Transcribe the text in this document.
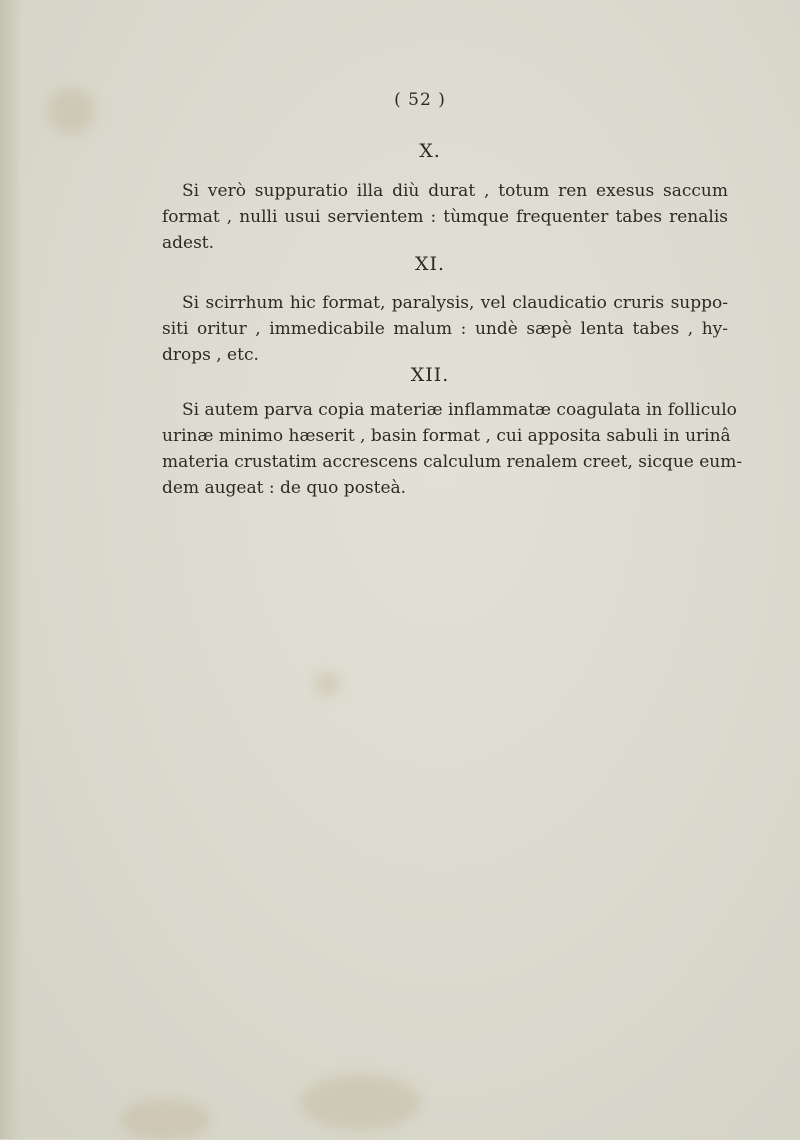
( 52 )
X.
Si verò suppuratio illa diù durat , totum ren exesus saccum
format , nulli usui servientem : tùmque frequenter tabes renalis
adest.
XI.
Si scirrhum hic format, paralysis, vel claudicatio cruris suppo-
siti oritur , immedicabile malum : undè sæpè lenta tabes , hy-
drops , etc.
XII.
Si autem parva copia materiæ inflammatæ coagulata in folliculo
urinæ minimo hæserit , basin format , cui apposita sabuli in urinâ
materia crustatim accrescens calculum renalem creet, sicque eum-
dem augeat : de quo posteà.
